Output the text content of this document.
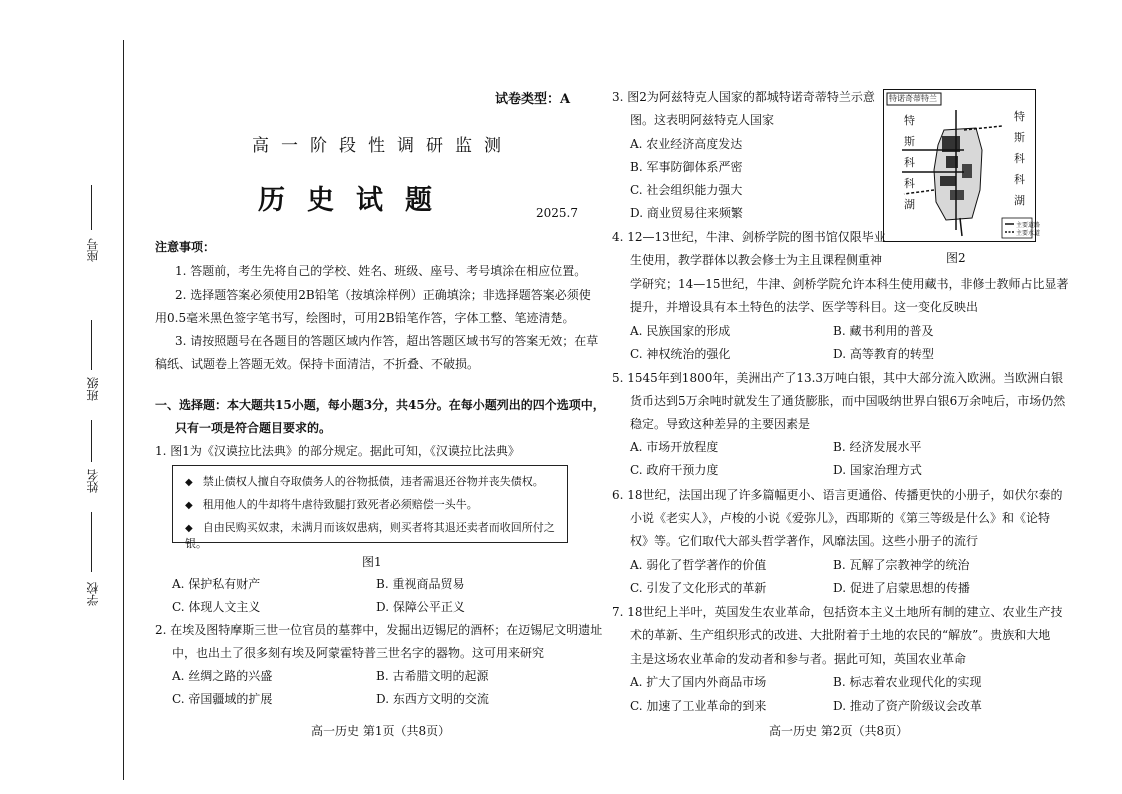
座号
班级
姓名
学校
试卷类型：A
高一阶段性调研监测
历史试题	2025.7
注意事项：
1. 答题前，考生先将自己的学校、姓名、班级、座号、考号填涂在相应位置。
2. 选择题答案必须使用2B铅笔（按填涂样例）正确填涂；非选择题答案必须使
用0.5毫米黑色签字笔书写，绘图时，可用2B铅笔作答，字体工整、笔迹清楚。
3. 请按照题号在各题目的答题区域内作答，超出答题区域书写的答案无效；在草
稿纸、试题卷上答题无效。保持卡面清洁，不折叠、不破损。
一、选择题：本大题共15小题，每小题3分，共45分。在每小题列出的四个选项中，
只有一项是符合题目要求的。
1. 图1为《汉谟拉比法典》的部分规定。据此可知，《汉谟拉比法典》
◆ 禁止债权人擅自夺取债务人的谷物抵债，违者需退还谷物并丧失债权。
◆ 租用他人的牛却将牛虐待致腿打致死者必须赔偿一头牛。
◆ 自由民购买奴隶，未满月而该奴患病，则买者将其退还卖者而收回所付之银。
图1
A. 保护私有财产	B. 重视商品贸易
C. 体现人文主义	D. 保障公平正义
2. 在埃及图特摩斯三世一位官员的墓葬中，发掘出迈锡尼的酒杯；在迈锡尼文明遗址
中，也出土了很多刻有埃及阿蒙霍特普三世名字的器物。这可用来研究
A. 丝绸之路的兴盛	B. 古希腊文明的起源
C. 帝国疆域的扩展	D. 东西方文明的交流
高一历史 第1页（共8页）
3. 图2为阿兹特克人国家的都城特诺奇蒂特兰示意
图。这表明阿兹特克人国家
A. 农业经济高度发达
B. 军事防御体系严密
C. 社会组织能力强大
D. 商业贸易往来频繁
特诺奇蒂特兰
特
斯
科
科
湖
特
斯
科
科
湖
主要道路
主要水道
图2
4. 12—13世纪，牛津、剑桥学院的图书馆仅限毕业
生使用，教学群体以教会修士为主且课程侧重神
学研究；14—15世纪，牛津、剑桥学院允许本科生使用藏书，非修士教师占比显著
提升，并增设具有本土特色的法学、医学等科目。这一变化反映出
A. 民族国家的形成	B. 藏书利用的普及
C. 神权统治的强化	D. 高等教育的转型
5. 1545年到1800年，美洲出产了13.3万吨白银，其中大部分流入欧洲。当欧洲白银
货币达到5万余吨时就发生了通货膨胀，而中国吸纳世界白银6万余吨后，市场仍然
稳定。导致这种差异的主要因素是
A. 市场开放程度	B. 经济发展水平
C. 政府干预力度	D. 国家治理方式
6. 18世纪，法国出现了许多篇幅更小、语言更通俗、传播更快的小册子，如伏尔泰的
小说《老实人》，卢梭的小说《爱弥儿》，西耶斯的《第三等级是什么》和《论特
权》等。它们取代大部头哲学著作，风靡法国。这些小册子的流行
A. 弱化了哲学著作的价值	B. 瓦解了宗教神学的统治
C. 引发了文化形式的革新	D. 促进了启蒙思想的传播
7. 18世纪上半叶，英国发生农业革命，包括资本主义土地所有制的建立、农业生产技
术的革新、生产组织形式的改进、大批附着于土地的农民的“解放”。贵族和大地
主是这场农业革命的发动者和参与者。据此可知，英国农业革命
A. 扩大了国内外商品市场	B. 标志着农业现代化的实现
C. 加速了工业革命的到来	D. 推动了资产阶级议会改革
高一历史 第2页（共8页）
